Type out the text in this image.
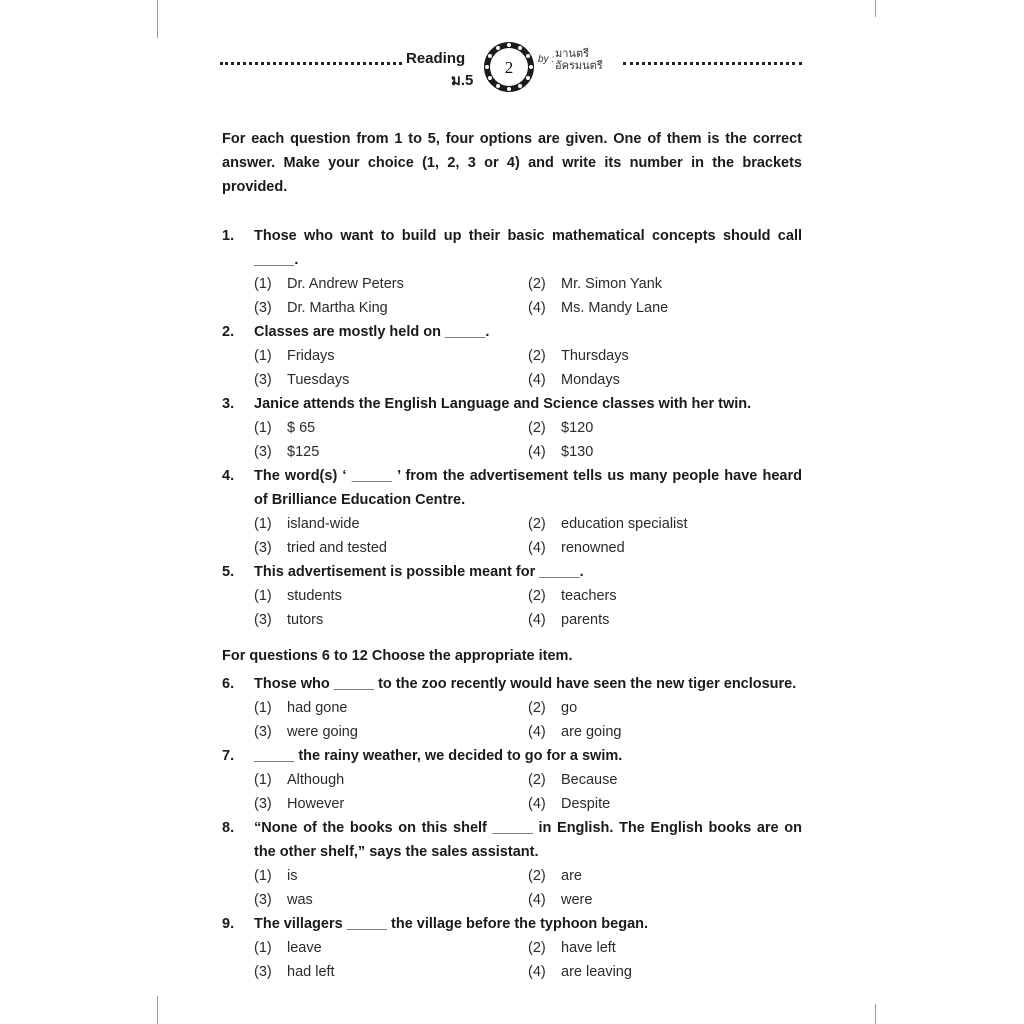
Reading
ม.5
2 by : มานตรี
อัครมนตรี
For each question from 1 to 5, four options are given. One of them is the correct answer. Make your choice (1, 2, 3 or 4) and write its number in the brackets provided.
1.	Those who want to build up their basic mathematical concepts should call _____.
(1)	Dr. Andrew Peters	(2)	Mr. Simon Yank
(3)	Dr. Martha King	(4)	Ms. Mandy Lane
2.	Classes are mostly held on _____.
(1)	Fridays	(2)	Thursdays
(3)	Tuesdays	(4)	Mondays
3.	Janice attends the English Language and Science classes with her twin.
(1)	$ 65	(2)	$120
(3)	$125	(4)	$130
4.	The word(s) ‘ _____ ’ from the advertisement tells us many people have heard of Brilliance Education Centre.
(1)	island-wide	(2)	education specialist
(3)	tried and tested	(4)	renowned
5.	This advertisement is possible meant for _____.
(1)	students	(2)	teachers
(3)	tutors	(4)	parents
For questions 6 to 12 Choose the appropriate item.
6.	Those who _____ to the zoo recently would have seen the new tiger enclosure.
(1)	had gone	(2)	go
(3)	were going	(4)	are going
7.	_____ the rainy weather, we decided to go for a swim.
(1)	Although	(2)	Because
(3)	However	(4)	Despite
8.	“None of the books on this shelf _____ in English. The English books are on the other shelf,” says the sales assistant.
(1)	is	(2)	are
(3)	was	(4)	were
9.	The villagers _____ the village before the typhoon began.
(1)	leave	(2)	have left
(3)	had left	(4)	are leaving
